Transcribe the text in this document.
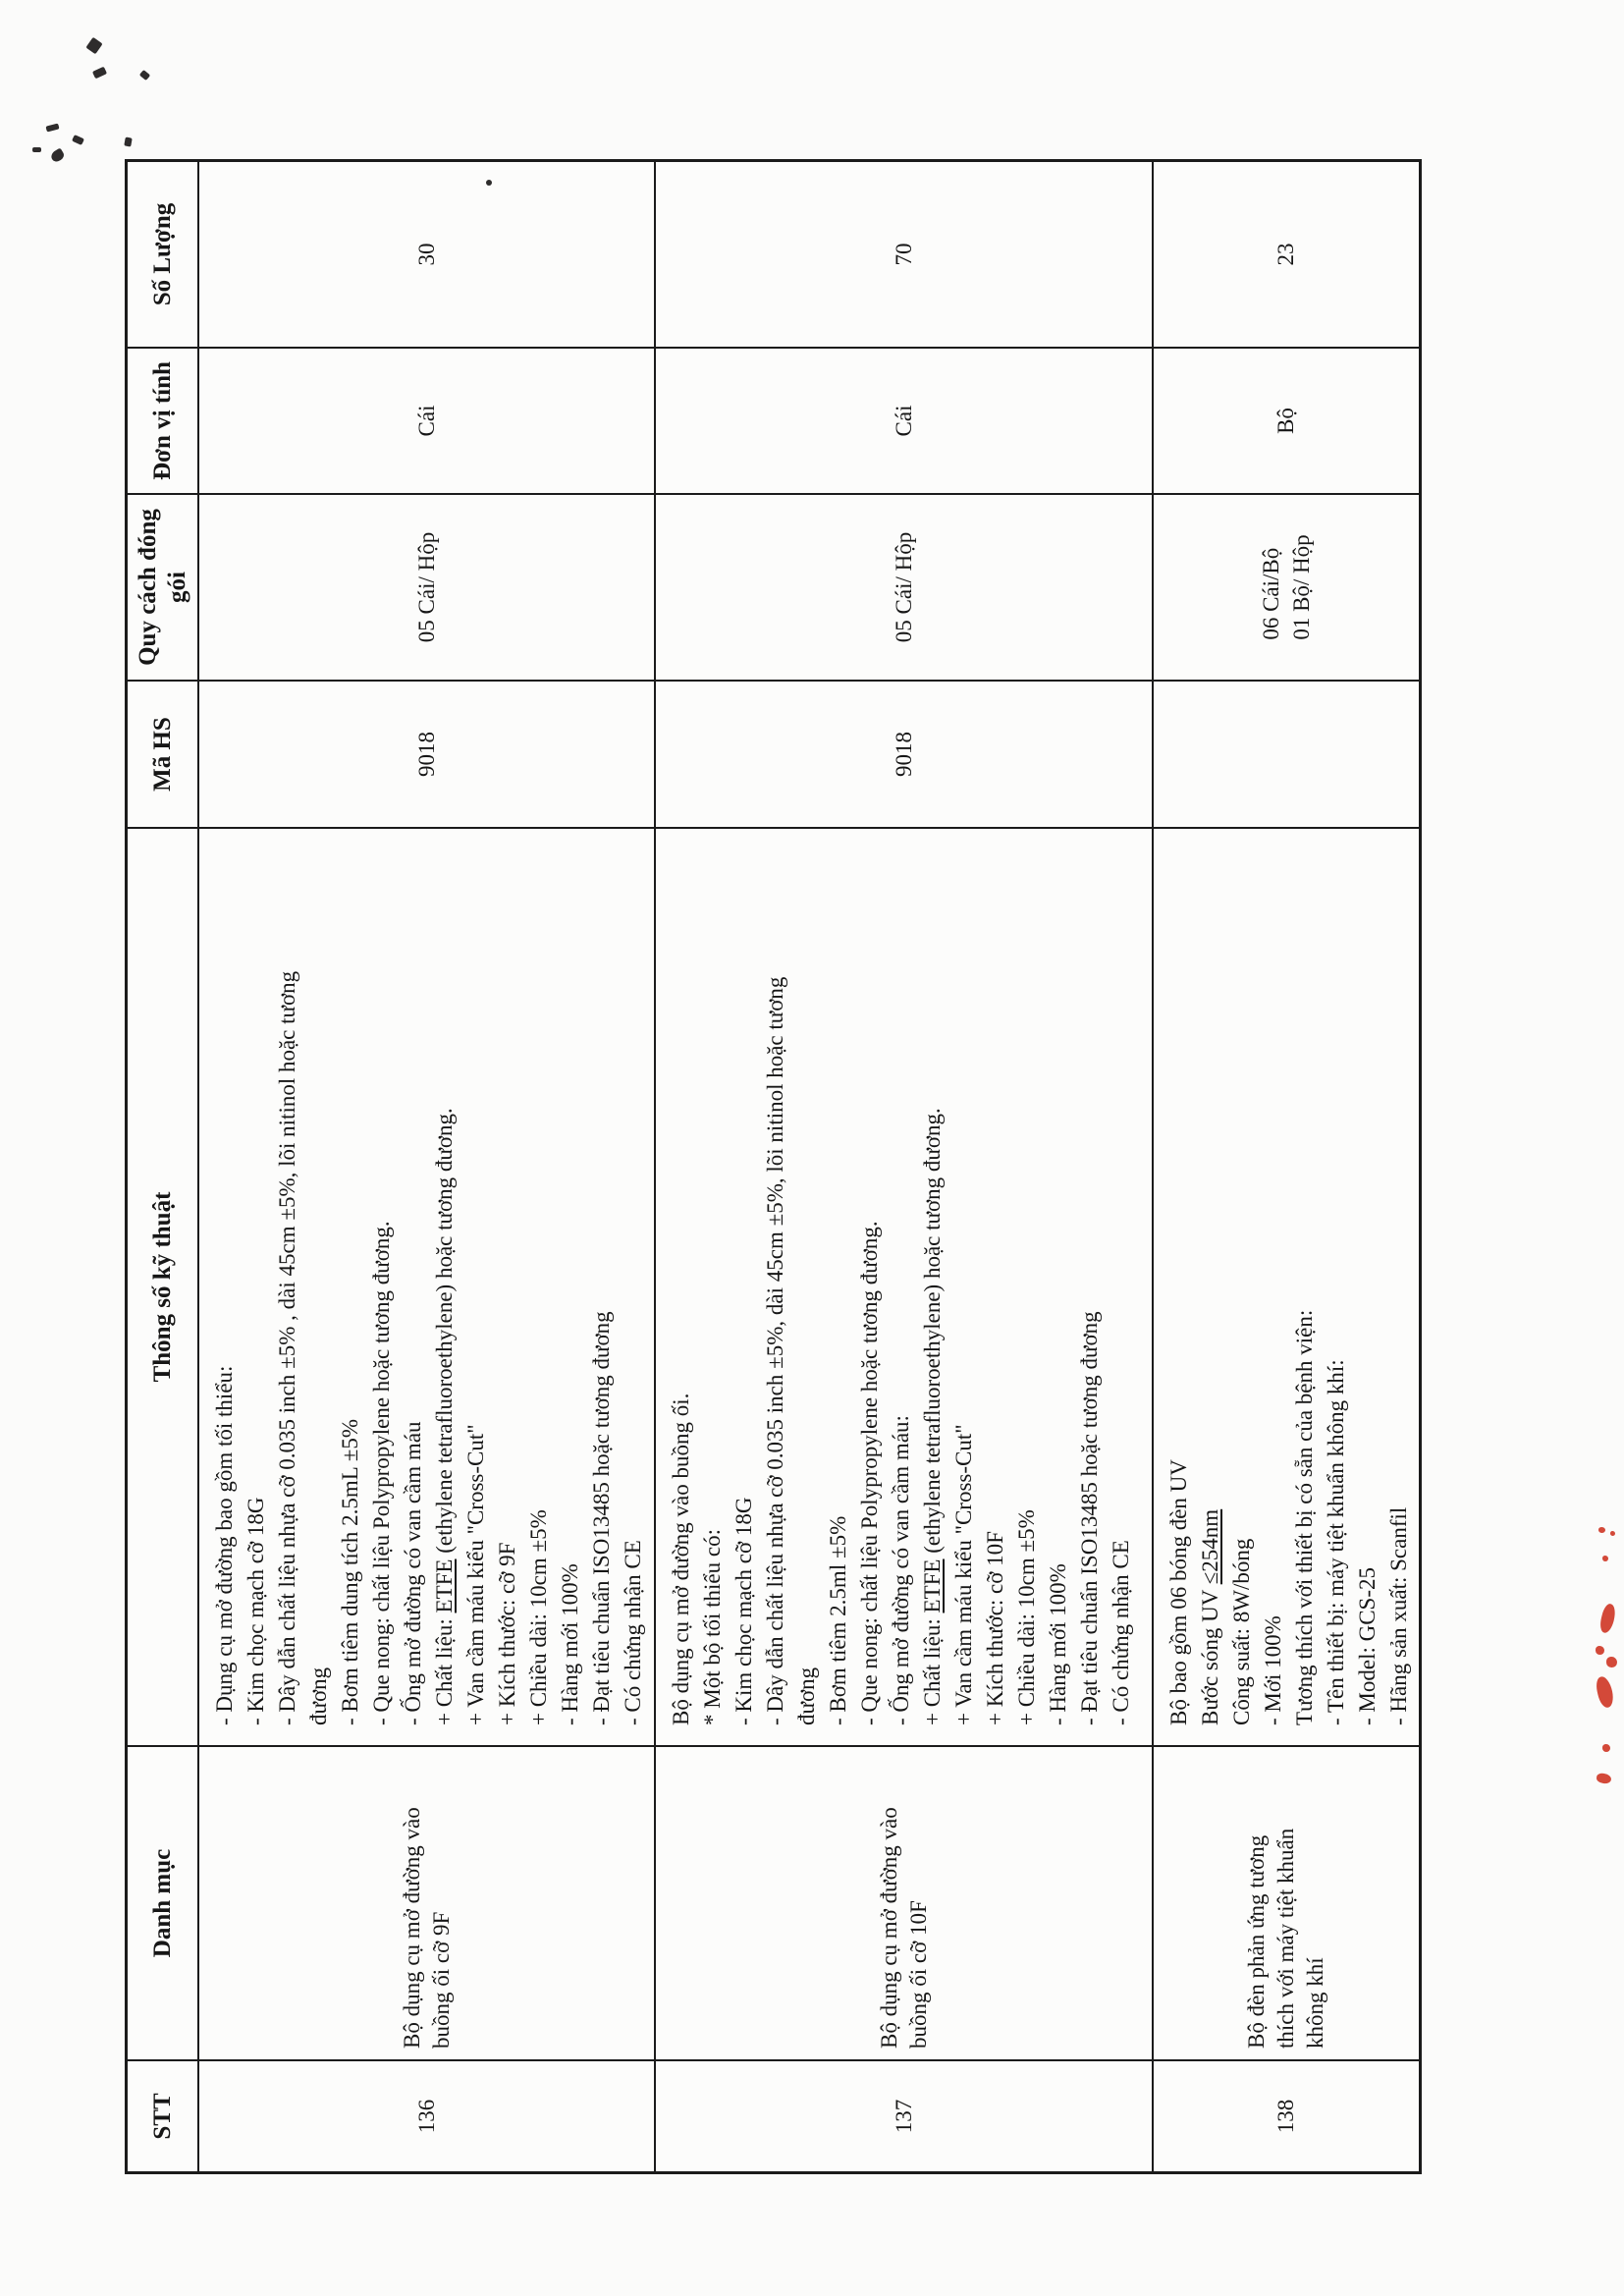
STT
Danh mục
Thông số kỹ thuật
Mã HS
Quy cách đóng gói
Đơn vị tính
Số Lượng
136
Bộ dụng cụ mở đường vào buồng ối cỡ 9F
- Dụng cụ mở đường bao gồm tối thiểu: - Kim chọc mạch cỡ 18G - Dây dẫn chất liệu nhựa cỡ 0.035 inch ±5% , dài 45cm ±5%, lõi nitinol hoặc tương đương - Bơm tiêm dung tích 2.5mL ±5% - Que nong: chất liệu Polypropylene hoặc tương đương. - Ống mở đường có van cầm máu + Chất liệu: ETFE (ethylene tetrafluoroethylene) hoặc tương đương.
+ Van cầm máu kiểu "Cross-Cut" + Kích thước: cỡ 9F + Chiều dài: 10cm ±5% - Hàng mới 100% - Đạt tiêu chuẩn ISO13485 hoặc tương đương - Có chứng nhận CE
9018
05 Cái/ Hộp
Cái
30
137
Bộ dụng cụ mở đường vào buồng ối cỡ 10F
Bộ dụng cụ mở đường vào buồng ối. * Một bộ tối thiểu có: - Kim chọc mạch cỡ 18G - Dây dẫn chất liệu nhựa cỡ 0.035 inch ±5%, dài 45cm ±5%, lõi nitinol hoặc tương đương - Bơm tiêm 2.5ml ±5% - Que nong: chất liệu Polypropylene hoặc tương đương. - Ống mở đường có van cầm máu: + Chất liệu: ETFE (ethylene tetrafluoroethylene) hoặc tương đương.
+ Van cầm máu kiểu "Cross-Cut" + Kích thước: cỡ 10F + Chiều dài: 10cm ±5% - Hàng mới 100% - Đạt tiêu chuẩn ISO13485 hoặc tương đương - Có chứng nhận CE
9018
05 Cái/ Hộp
Cái
70
138
Bộ đèn phản ứng tương thích với máy tiệt khuẩn không khí
Bộ bao gồm 06 bóng đèn UV Bước sóng UV ≤254nm Công suất: 8W/bóng - Mới 100% Tương thích với thiết bị có sẵn của bệnh viện: - Tên thiết bị: máy tiệt khuẩn không khí: - Model: GCS-25 - Hãng sản xuất: Scanfil
06 Cái/Bộ 01 Bộ/ Hộp
Bộ
23
